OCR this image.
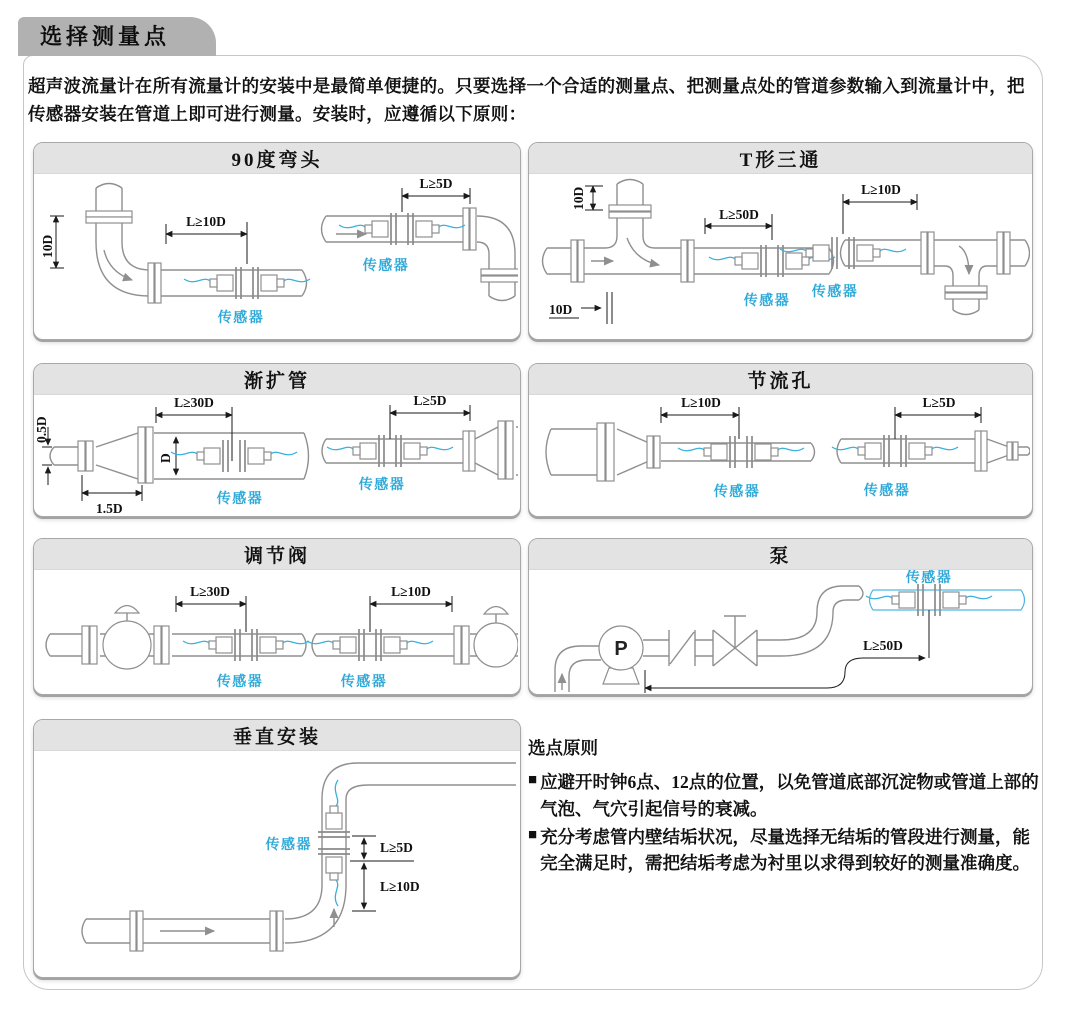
选择测量点
超声波流量计在所有流量计的安装中是最简单便捷的。只要选择一个合适的测量点、把测量点处的管道参数输入到流量计中，把传感器安装在管道上即可进行测量。安装时，应遵循以下原则：
90度弯头
L≥10D
10D
传感器
L≥5D
传感器
T形三通
10D
10D
L≥50D
传感器
L≥10D
传感器
渐扩管
0.5D
1.5D
D
L≥30D
传感器
L≥5D
传感器
节流孔
L≥10D
传感器
L≥5D
传感器
调节阀
L≥30D
传感器
L≥10D
传感器
泵
P	L≥50D
传感器
垂直安装
L≥5D
L≥10D
传感器
选点原则
■ 应避开时钟6点、12点的位置，以免管道底部沉淀物或管道上部的气泡、气穴引起信号的衰减。
■ 充分考虑管内壁结垢状况，尽量选择无结垢的管段进行测量，能完全满足时，需把结垢考虑为衬里以求得到较好的测量准确度。
